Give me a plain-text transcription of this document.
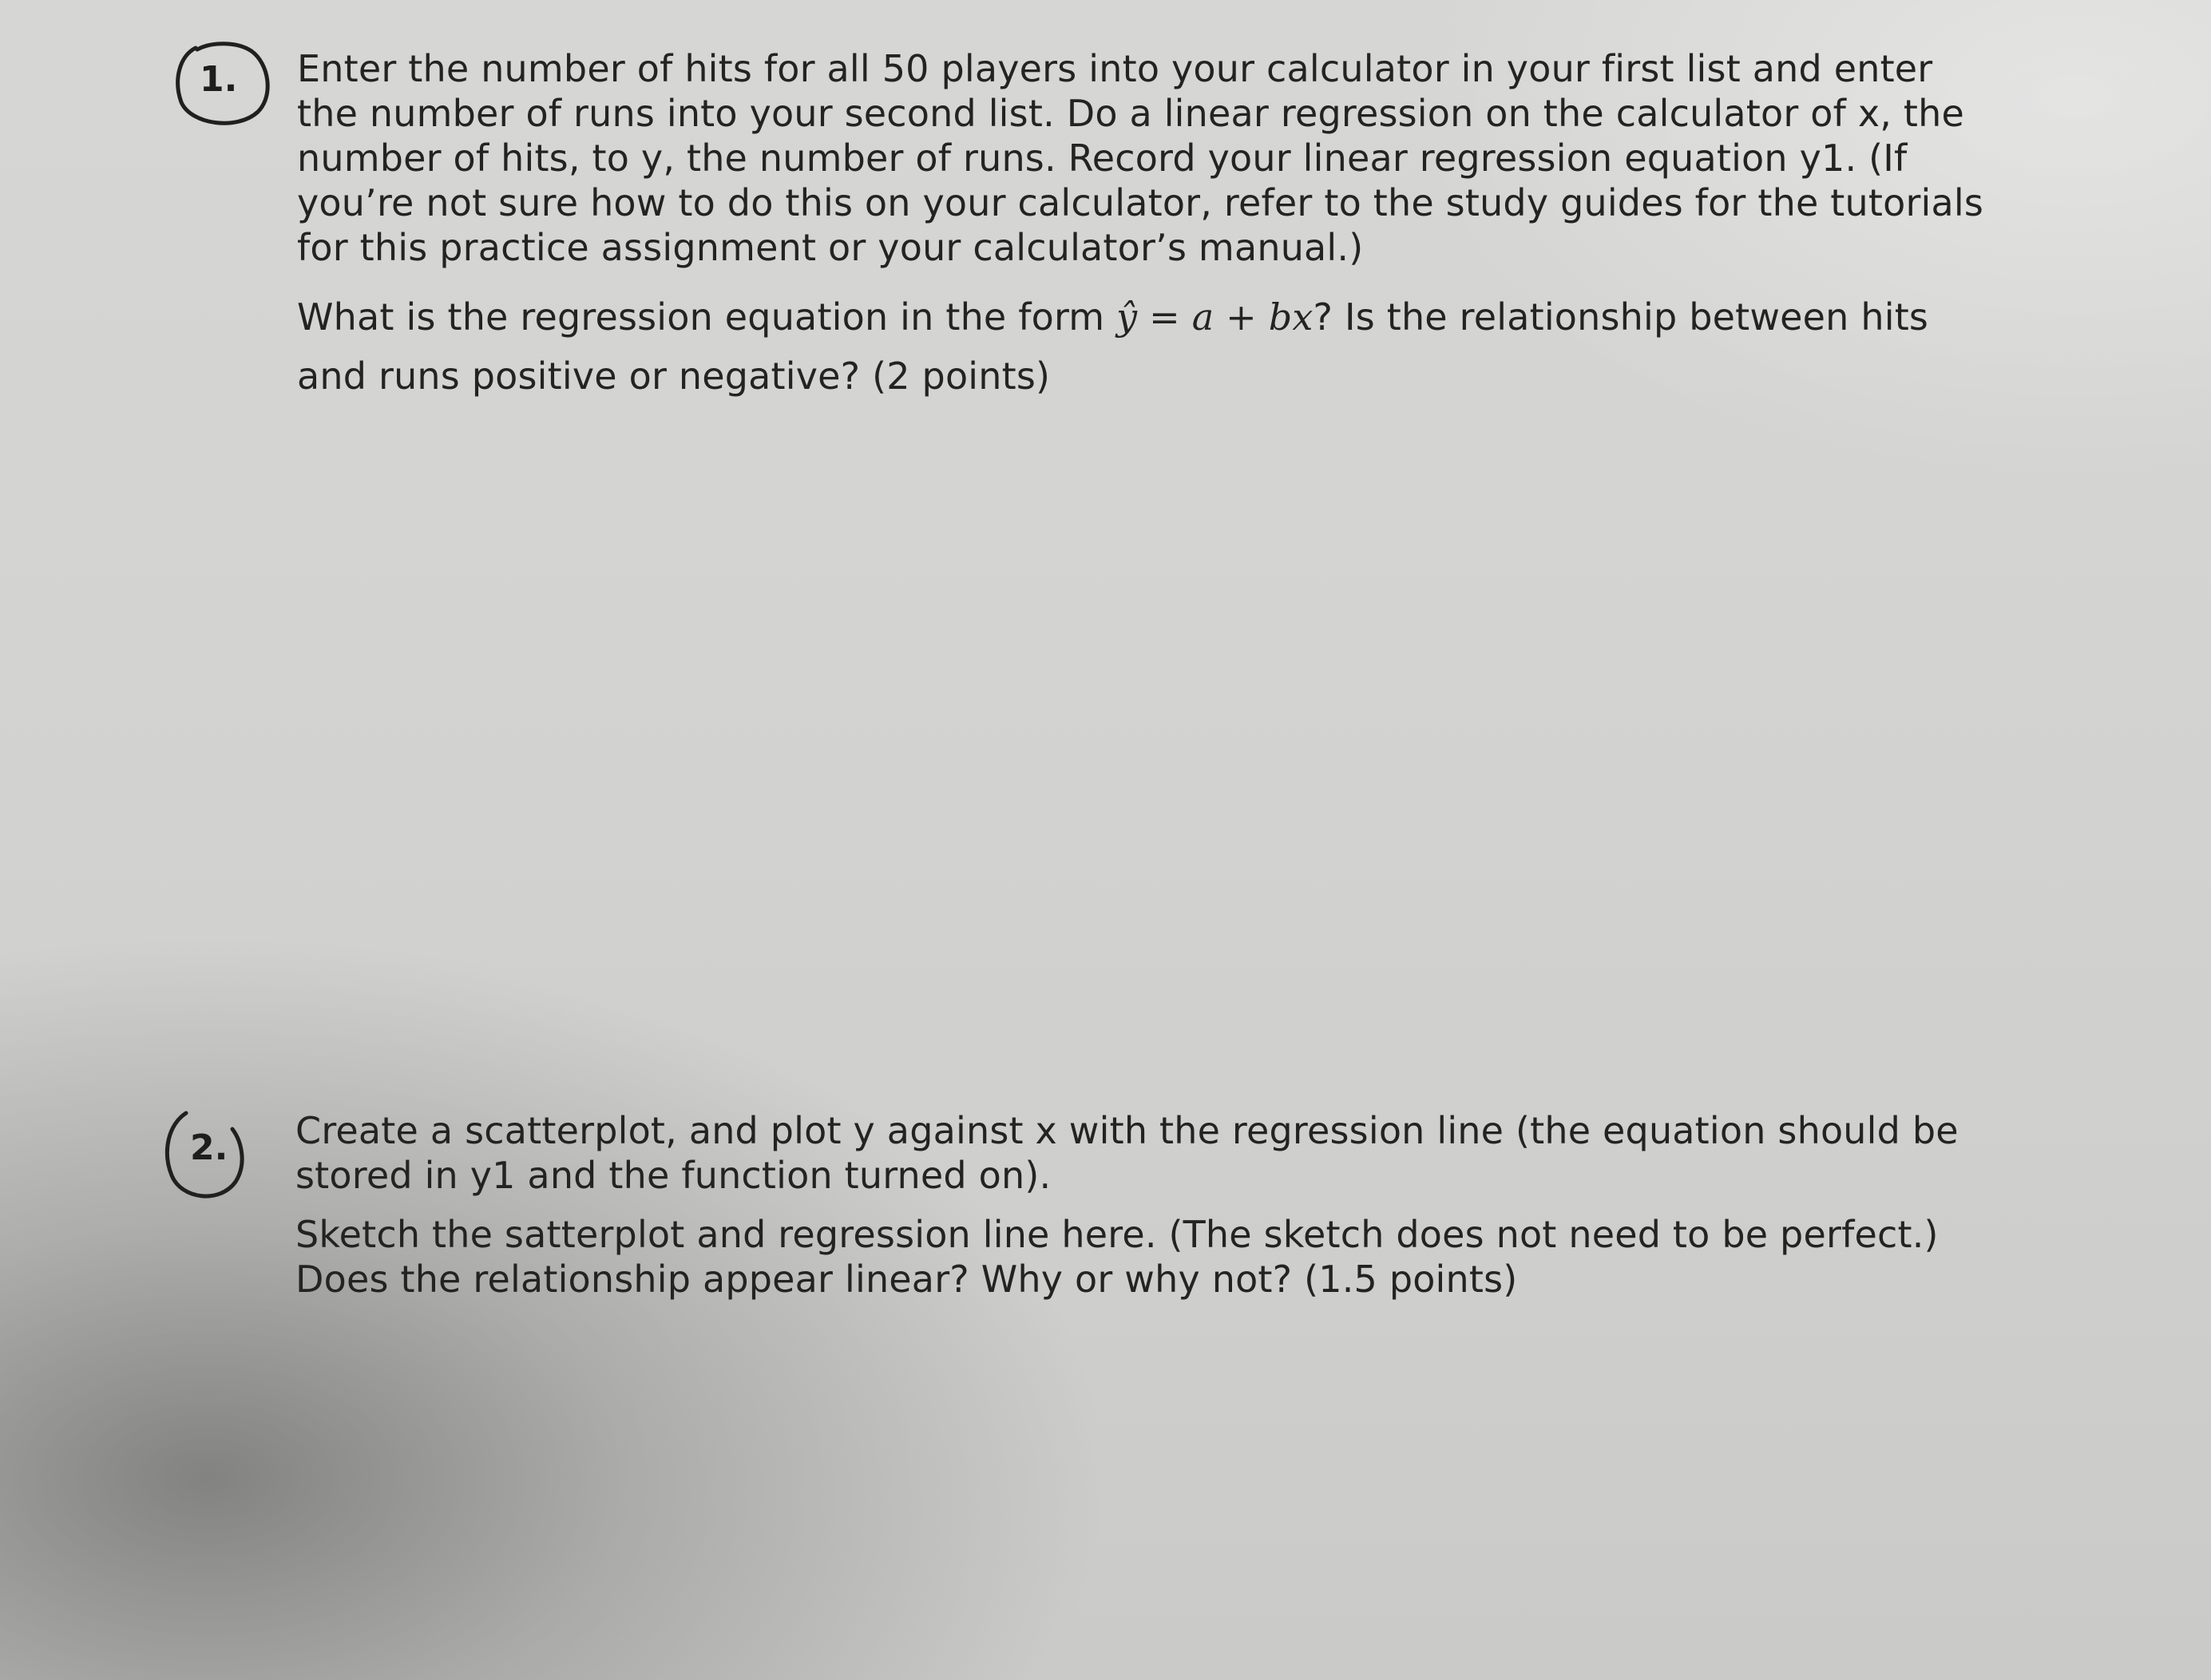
1. Enter the number of hits for all 50 players into your calculator in your first list and enter the number of runs into your second list. Do a linear regression on the calculator of x, the number of hits, to y, the number of runs. Record your linear regression equation y1. (If you’re not sure how to do this on your calculator, refer to the study guides for the tutorials for this practice assignment or your calculator’s manual.)

What is the regression equation in the form ŷ = a + bx? Is the relationship between hits and runs positive or negative? (2 points)

2. Create a scatterplot, and plot y against x with the regression line (the equation should be stored in y1 and the function turned on).

Sketch the satterplot and regression line here. (The sketch does not need to be perfect.) Does the relationship appear linear? Why or why not? (1.5 points)
